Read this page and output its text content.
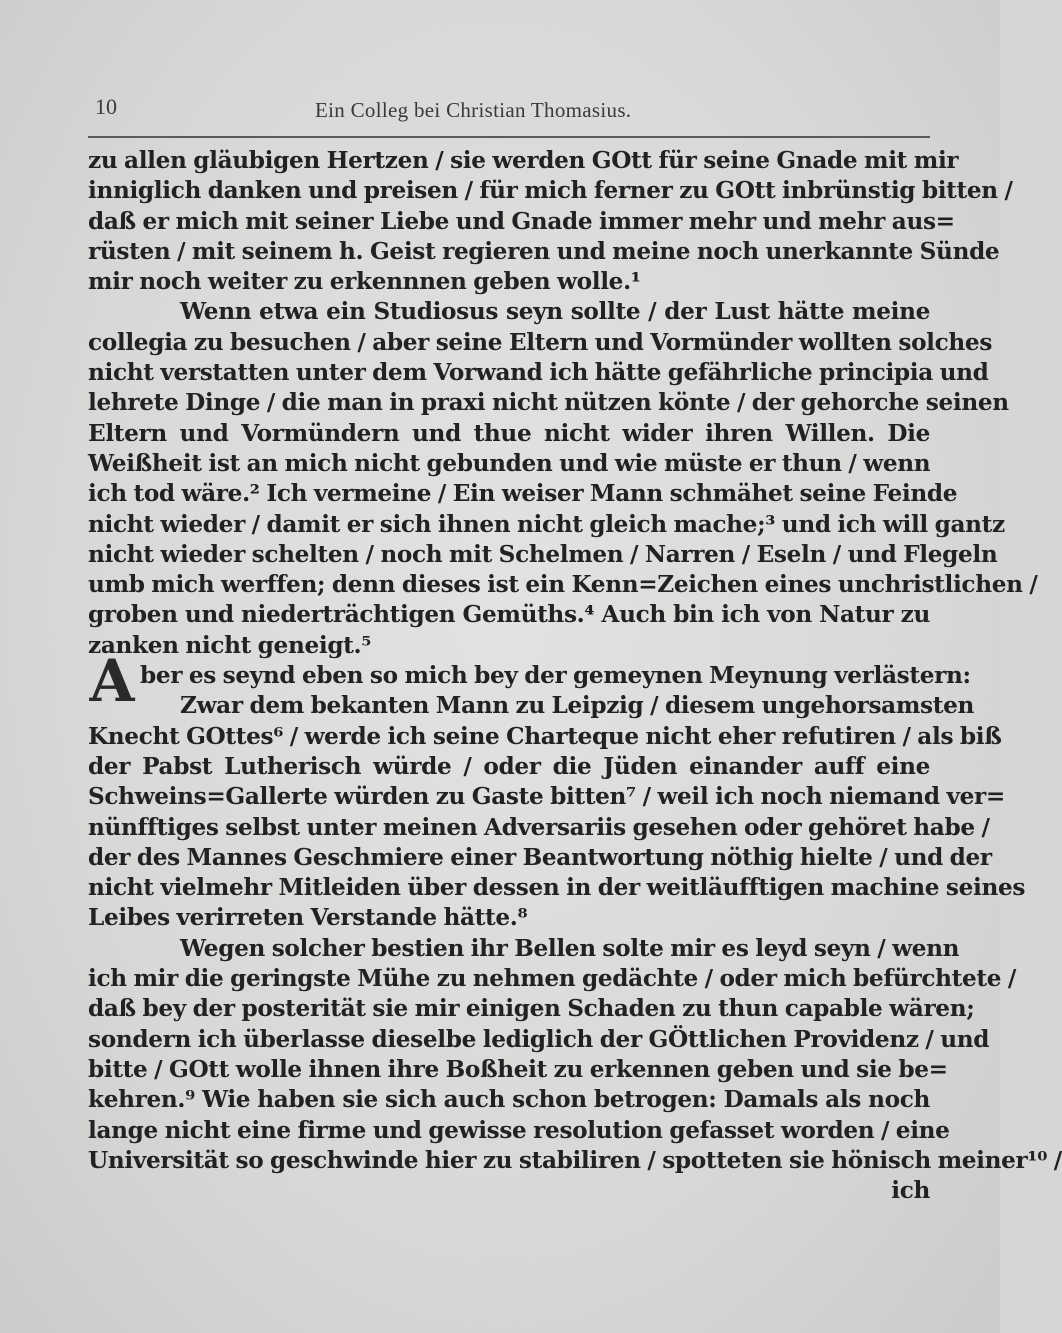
10	Ein Colleg bei Christian Thomasius.
A
zu allen gläubigen Hertzen / sie werden GOtt für seine Gnade mit mir
inniglich danken und preisen / für mich ferner zu GOtt inbrünstig bitten /
daß er mich mit seiner Liebe und Gnade immer mehr und mehr aus=
rüsten / mit seinem h. Geist regieren und meine noch unerkannte Sünde
mir noch weiter zu erkennnen geben wolle.¹
Wenn etwa ein Studiosus seyn sollte / der Lust hätte meine
collegia zu besuchen / aber seine Eltern und Vormünder wollten solches
nicht verstatten unter dem Vorwand ich hätte gefährliche principia und
lehrete Dinge / die man in praxi nicht nützen könte / der gehorche seinen
Eltern und Vormündern und thue nicht wider ihren Willen. Die
Weißheit ist an mich nicht gebunden und wie müste er thun / wenn
ich tod wäre.² Ich vermeine / Ein weiser Mann schmähet seine Feinde
nicht wieder / damit er sich ihnen nicht gleich mache;³ und ich will gantz
nicht wieder schelten / noch mit Schelmen / Narren / Eseln / und Flegeln
umb mich werffen; denn dieses ist ein Kenn=Zeichen eines unchristlichen /
groben und niederträchtigen Gemüths.⁴ Auch bin ich von Natur zu
zanken nicht geneigt.⁵
ber es seynd eben so mich bey der gemeynen Meynung verlästern:
Zwar dem bekanten Mann zu Leipzig / diesem ungehorsamsten
Knecht GOttes⁶ / werde ich seine Charteque nicht eher refutiren / als biß
der Pabst Lutherisch würde / oder die Jüden einander auff eine
Schweins=Gallerte würden zu Gaste bitten⁷ / weil ich noch niemand ver=
nünfftiges selbst unter meinen Adversariis gesehen oder gehöret habe /
der des Mannes Geschmiere einer Beantwortung nöthig hielte / und der
nicht vielmehr Mitleiden über dessen in der weitläufftigen machine seines
Leibes verirreten Verstande hätte.⁸
Wegen solcher bestien ihr Bellen solte mir es leyd seyn / wenn
ich mir die geringste Mühe zu nehmen gedächte / oder mich befürchtete /
daß bey der posterität sie mir einigen Schaden zu thun capable wären;
sondern ich überlasse dieselbe lediglich der GÖttlichen Providenz / und
bitte / GOtt wolle ihnen ihre Boßheit zu erkennen geben und sie be=
kehren.⁹ Wie haben sie sich auch schon betrogen: Damals als noch
lange nicht eine firme und gewisse resolution gefasset worden / eine
Universität so geschwinde hier zu stabiliren / spotteten sie hönisch meiner¹⁰ /
ich
